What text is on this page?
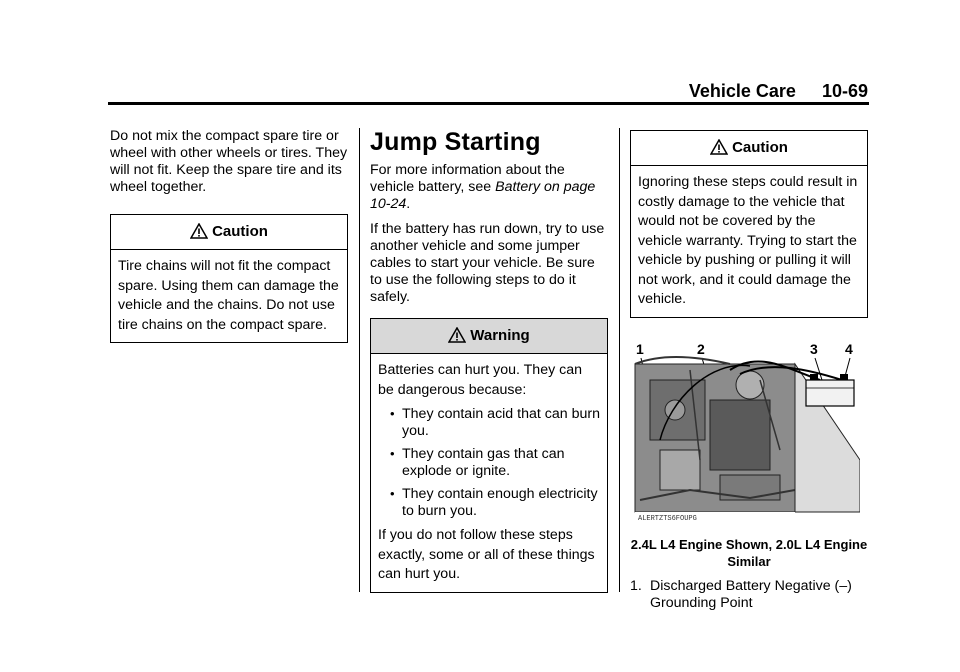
Vehicle Care 10-69

Do not mix the compact spare tire or wheel with other wheels or tires. They will not fit. Keep the spare tire and its wheel together.

Caution

Tire chains will not fit the compact spare. Using them can damage the vehicle and the chains. Do not use tire chains on the compact spare.

Jump Starting

For more information about the vehicle battery, see Battery on page 10-24.

If the battery has run down, try to use another vehicle and some jumper cables to start your vehicle. Be sure to use the following steps to do it safely.

Warning

Batteries can hurt you. They can be dangerous because:

• They contain acid that can burn you.
• They contain gas that can explode or ignite.
• They contain enough electricity to burn you.

If you do not follow these steps exactly, some or all of these things can hurt you.

Caution

Ignoring these steps could result in costly damage to the vehicle that would not be covered by the vehicle warranty. Trying to start the vehicle by pushing or pulling it will not work, and it could damage the vehicle.

1	2	3 4
ALERTZTS6FOUPG
2.4L L4 Engine Shown, 2.0L L4 Engine Similar
1. Discharged Battery Negative (–) Grounding Point
